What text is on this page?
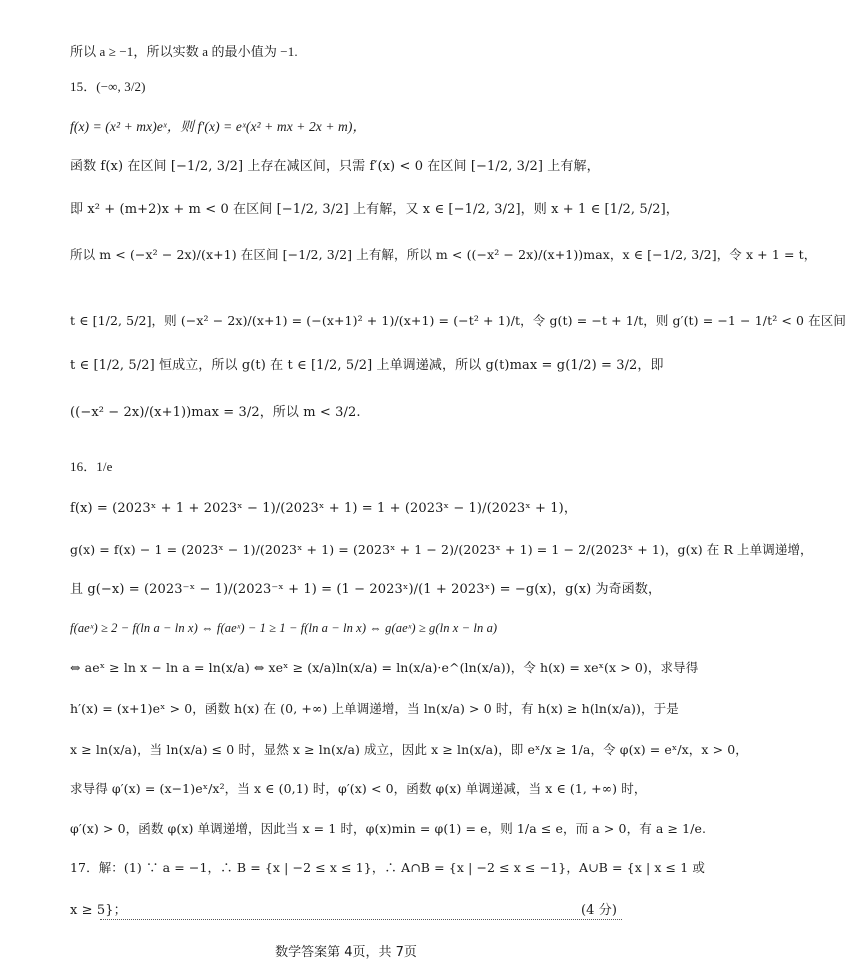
所以 a ≥ −1，所以实数 a 的最小值为 −1.
15．(−∞, 3/2)
f(x) = (x² + mx)eˣ，则 f′(x) = eˣ(x² + mx + 2x + m)，
函数 f(x) 在区间 [−1/2, 3/2] 上存在减区间，只需 f′(x) < 0 在区间 [−1/2, 3/2] 上有解，
即 x² + (m+2)x + m < 0 在区间 [−1/2, 3/2] 上有解，又 x ∈ [−1/2, 3/2]，则 x + 1 ∈ [1/2, 5/2]，
所以 m < (−x² − 2x)/(x+1) 在区间 [−1/2, 3/2] 上有解，所以 m < ((−x² − 2x)/(x+1))max，x ∈ [−1/2, 3/2]，令 x + 1 = t，
t ∈ [1/2, 5/2]，则 (−x² − 2x)/(x+1) = (−(x+1)² + 1)/(x+1) = (−t² + 1)/t，令 g(t) = −t + 1/t，则 g′(t) = −1 − 1/t² < 0 在区间
t ∈ [1/2, 5/2] 恒成立，所以 g(t) 在 t ∈ [1/2, 5/2] 上单调递减，所以 g(t)max = g(1/2) = 3/2，即
((−x² − 2x)/(x+1))max = 3/2，所以 m < 3/2.
16．1/e
f(x) = (2023ˣ + 1 + 2023ˣ − 1)/(2023ˣ + 1) = 1 + (2023ˣ − 1)/(2023ˣ + 1)，
g(x) = f(x) − 1 = (2023ˣ − 1)/(2023ˣ + 1) = (2023ˣ + 1 − 2)/(2023ˣ + 1) = 1 − 2/(2023ˣ + 1)，g(x) 在 R 上单调递增，
且 g(−x) = (2023⁻ˣ − 1)/(2023⁻ˣ + 1) = (1 − 2023ˣ)/(1 + 2023ˣ) = −g(x)，g(x) 为奇函数，
f(aeˣ) ≥ 2 − f(ln a − ln x) ⇔ f(aeˣ) − 1 ≥ 1 − f(ln a − ln x) ⇔ g(aeˣ) ≥ g(ln x − ln a)
⇔ aeˣ ≥ ln x − ln a = ln(x/a) ⇔ xeˣ ≥ (x/a)ln(x/a) = ln(x/a)·e^(ln(x/a))，令 h(x) = xeˣ(x > 0)，求导得
h′(x) = (x+1)eˣ > 0，函数 h(x) 在 (0, +∞) 上单调递增，当 ln(x/a) > 0 时，有 h(x) ≥ h(ln(x/a))，于是
x ≥ ln(x/a)，当 ln(x/a) ≤ 0 时，显然 x ≥ ln(x/a) 成立，因此 x ≥ ln(x/a)，即 eˣ/x ≥ 1/a，令 φ(x) = eˣ/x，x > 0，
求导得 φ′(x) = (x−1)eˣ/x²，当 x ∈ (0,1) 时，φ′(x) < 0，函数 φ(x) 单调递减，当 x ∈ (1, +∞) 时，
φ′(x) > 0，函数 φ(x) 单调递增，因此当 x = 1 时，φ(x)min = φ(1) = e，则 1/a ≤ e，而 a > 0，有 a ≥ 1/e.
17．解：(1) ∵ a = −1，∴ B = {x | −2 ≤ x ≤ 1}，∴ A∩B = {x | −2 ≤ x ≤ −1}，A∪B = {x | x ≤ 1 或
x ≥ 5}；	(4 分)
数学答案第 4页，共 7页
